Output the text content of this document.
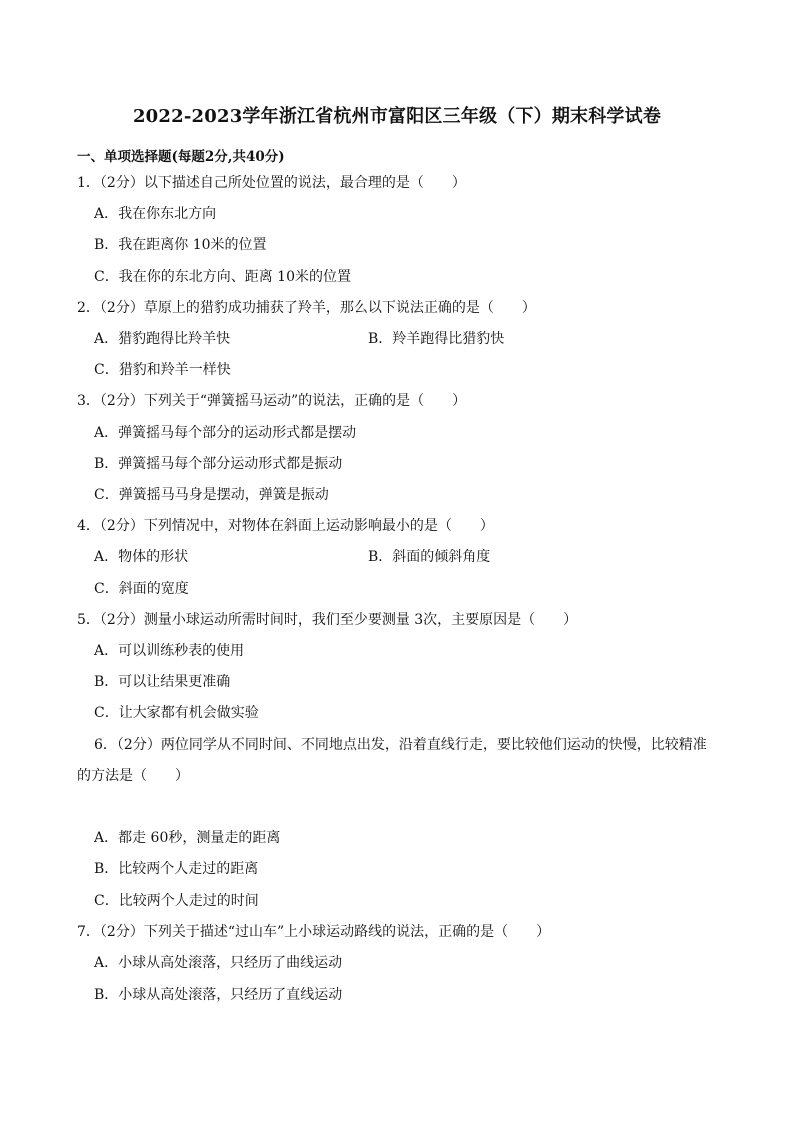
2022-2023学年浙江省杭州市富阳区三年级（下）期末科学试卷
一、单项选择题(每题2分,共40分)
1．（2分）以下描述自己所处位置的说法，最合理的是（　　）
A．我在你东北方向
B．我在距离你 10米的位置
C．我在你的东北方向、距离 10米的位置
2．（2分）草原上的猎豹成功捕获了羚羊，那么以下说法正确的是（　　）
A．猎豹跑得比羚羊快	B．羚羊跑得比猎豹快
C．猎豹和羚羊一样快
3．（2分）下列关于“弹簧摇马运动”的说法，正确的是（　　）
A．弹簧摇马每个部分的运动形式都是摆动
B．弹簧摇马每个部分运动形式都是振动
C．弹簧摇马马身是摆动，弹簧是振动
4．（2分）下列情况中，对物体在斜面上运动影响最小的是（　　）
A．物体的形状	B．斜面的倾斜角度
C．斜面的宽度
5．（2分）测量小球运动所需时间时，我们至少要测量 3次，主要原因是（　　）
A．可以训练秒表的使用
B．可以让结果更准确
C．让大家都有机会做实验
6．（2分）两位同学从不同时间、不同地点出发，沿着直线行走，要比较他们运动的快慢，比较精准
的方法是（　　）
A．都走 60秒，测量走的距离
B．比较两个人走过的距离
C．比较两个人走过的时间
7．（2分）下列关于描述“过山车”上小球运动路线的说法，正确的是（　　）
A．小球从高处滚落，只经历了曲线运动
B．小球从高处滚落，只经历了直线运动
